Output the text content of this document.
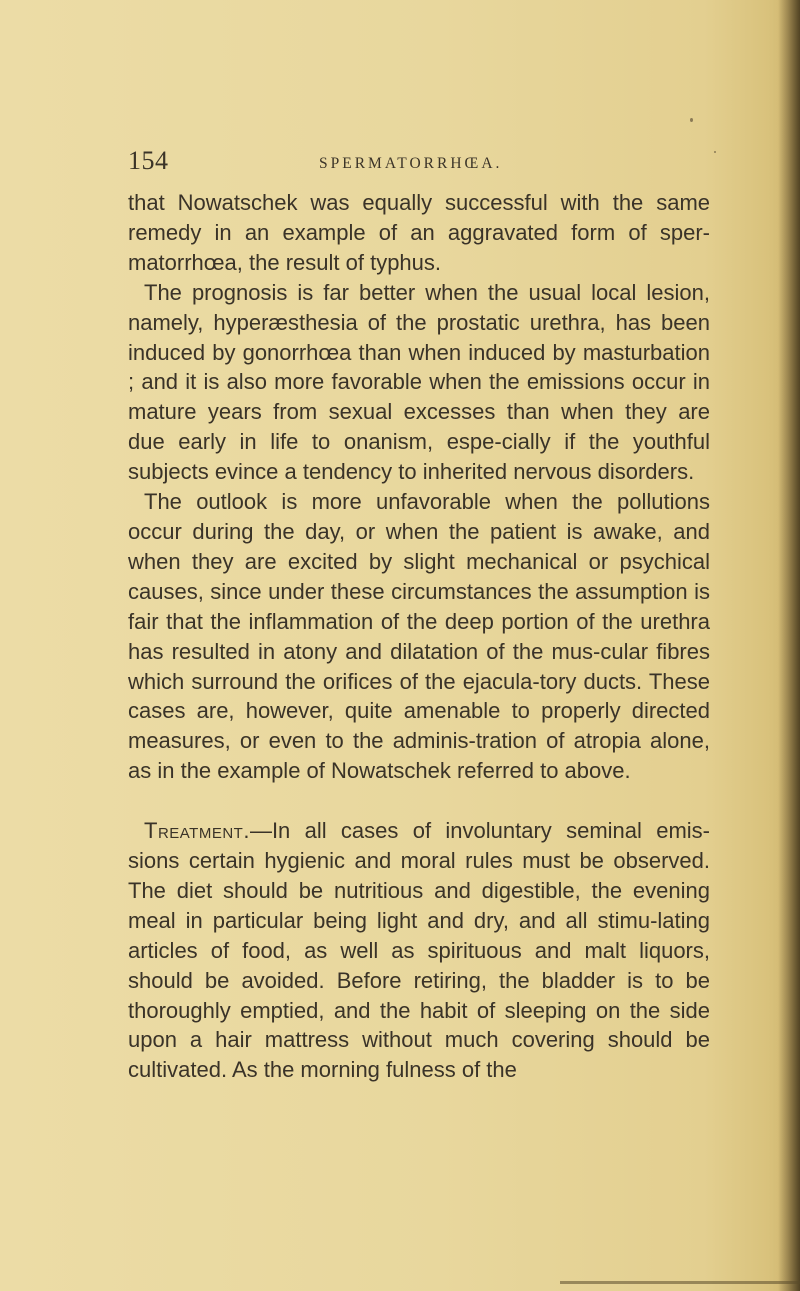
154	SPERMATORRHŒA.

that Nowatschek was equally successful with the same remedy in an example of an aggravated form of sper-matorrhœa, the result of typhus.

The prognosis is far better when the usual local lesion, namely, hyperæsthesia of the prostatic urethra, has been induced by gonorrhœa than when induced by masturbation ; and it is also more favorable when the emissions occur in mature years from sexual excesses than when they are due early in life to onanism, espe-cially if the youthful subjects evince a tendency to inherited nervous disorders.

The outlook is more unfavorable when the pollutions occur during the day, or when the patient is awake, and when they are excited by slight mechanical or psychical causes, since under these circumstances the assumption is fair that the inflammation of the deep portion of the urethra has resulted in atony and dilatation of the mus-cular fibres which surround the orifices of the ejacula-tory ducts. These cases are, however, quite amenable to properly directed measures, or even to the adminis-tration of atropia alone, as in the example of Nowatschek referred to above.

Treatment.—In all cases of involuntary seminal emis-sions certain hygienic and moral rules must be observed. The diet should be nutritious and digestible, the evening meal in particular being light and dry, and all stimu-lating articles of food, as well as spirituous and malt liquors, should be avoided. Before retiring, the bladder is to be thoroughly emptied, and the habit of sleeping on the side upon a hair mattress without much covering should be cultivated. As the morning fulness of the
